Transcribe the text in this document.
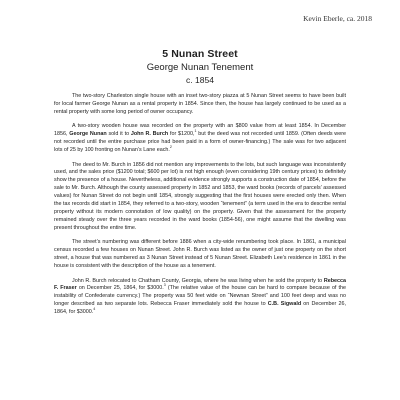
Kevin Eberle, ca. 2018
5 Nunan Street
George Nunan Tenement
c. 1854

The two-story Charleston single house with an inset two-story piazza at 5 Nunan Street seems to have been built for local farmer George Nunan as a rental property in 1854. Since then, the house has largely continued to be used as a rental property with some long period of owner occupancy.

A two-story wooden house was recorded on the property with an $800 value from at least 1854. In December 1856, George Nunan sold it to John R. Burch for $1200,$^1$ but the deed was not recorded until 1859. (Often deeds were not recorded until the entire purchase price had been paid in a form of owner-financing.) The sale was for two adjacent lots of 25 by 100 fronting on Nunan’s Lane each.$^2$

The deed to Mr. Burch in 1856 did not mention any improvements to the lots, but such language was inconsistently used, and the sales price ($1200 total; $600 per lot) is not high enough (even considering 19th century prices) to definitely show the presence of a house. Nevertheless, additional evidence strongly supports a construction date of 1854, before the sale to Mr. Burch. Although the county assessed property in 1852 and 1853, the ward books (records of parcels’ assessed values) for Nunan Street do not begin until 1854, strongly suggesting that the first houses were erected only then. When the tax records did start in 1854, they referred to a two-story, wooden “tenement” (a term used in the era to describe rental property without its modern connotation of low quality) on the property. Given that the assessment for the property remained steady over the three years recorded in the ward books (1854-56), one might assume that the dwelling was present throughout the entire time.

The street’s numbering was different before 1886 when a city-wide renumbering took place. In 1861, a municipal census recorded a few houses on Nunan Street. John R. Burch was listed as the owner of just one property on the short street, a house that was numbered as 3 Nunan Street instead of 5 Nunan Street. Elizabeth Lee’s residence in 1861 in the house is consistent with the description of the house as a tenement.

John R. Burch relocated to Chatham County, Georgia, where he was living when he sold the property to Rebecca F. Fraser on December 25, 1864, for $3000.$^3$ (The relative value of the house can be hard to compare because of the instability of Confederate currency.) The property was 50 feet wide on “Newnan Street” and 100 feet deep and was no longer described as two separate lots. Rebecca Fraser immediately sold the house to C.B. Sigwald on December 26, 1864, for $3000.$^4$
